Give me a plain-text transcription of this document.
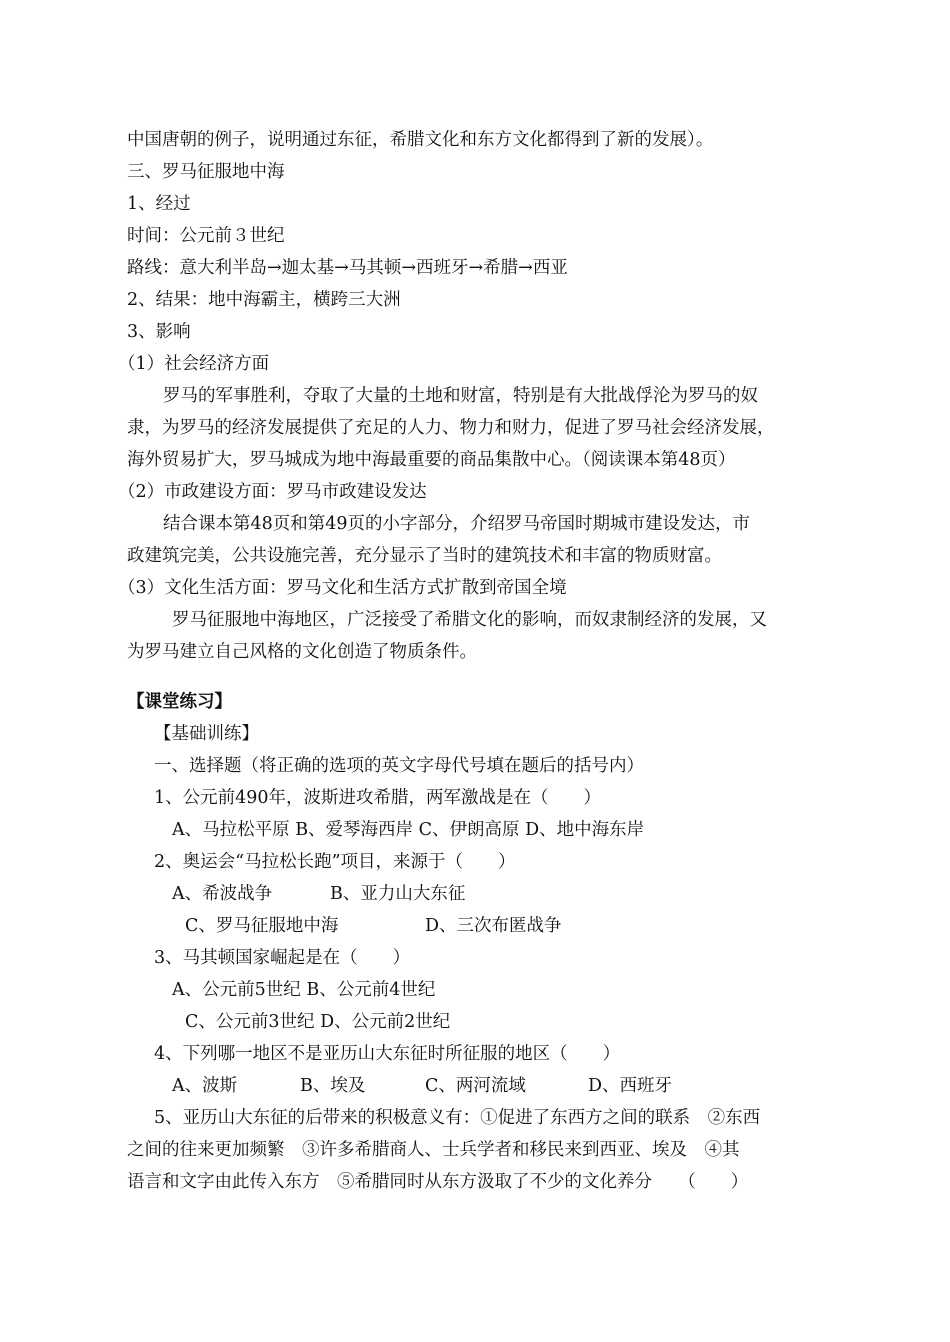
中国唐朝的例子，说明通过东征，希腊文化和东方文化都得到了新的发展）。
三、罗马征服地中海
1、经过
时间：公元前３世纪
路线：意大利半岛→迦太基→马其顿→西班牙→希腊→西亚
2、结果：地中海霸主，横跨三大洲
3、影响
（1）社会经济方面
罗马的军事胜利，夺取了大量的土地和财富，特别是有大批战俘沦为罗马的奴
隶，为罗马的经济发展提供了充足的人力、物力和财力，促进了罗马社会经济发展，
海外贸易扩大，罗马城成为地中海最重要的商品集散中心。（阅读课本第48页）
（2）市政建设方面：罗马市政建设发达
结合课本第48页和第49页的小字部分，介绍罗马帝国时期城市建设发达，市
政建筑完美，公共设施完善，充分显示了当时的建筑技术和丰富的物质财富。
（3）文化生活方面：罗马文化和生活方式扩散到帝国全境
罗马征服地中海地区，广泛接受了希腊文化的影响，而奴隶制经济的发展，又
为罗马建立自己风格的文化创造了物质条件。
【课堂练习】
【基础训练】
一、选择题（将正确的选项的英文字母代号填在题后的括号内）
1、公元前490年，波斯进攻希腊，两军激战是在（　　）
A、马拉松平原 B、爱琴海西岸 C、伊朗高原 D、地中海东岸
2、奥运会“马拉松长跑”项目，来源于（　　）
A、希波战争	B、亚力山大东征
C、罗马征服地中海	D、三次布匿战争
3、马其顿国家崛起是在（　　）
A、公元前5世纪 B、公元前4世纪
C、公元前3世纪 D、公元前2世纪
4、下列哪一地区不是亚历山大东征时所征服的地区（　　）
A、波斯	B、埃及	C、两河流域	D、西班牙
5、亚历山大东征的后带来的积极意义有：①促进了东西方之间的联系　②东西
之间的往来更加频繁　③许多希腊商人、士兵学者和移民来到西亚、埃及　④其
语言和文字由此传入东方　⑤希腊同时从东方汲取了不少的文化养分　　（　　）
